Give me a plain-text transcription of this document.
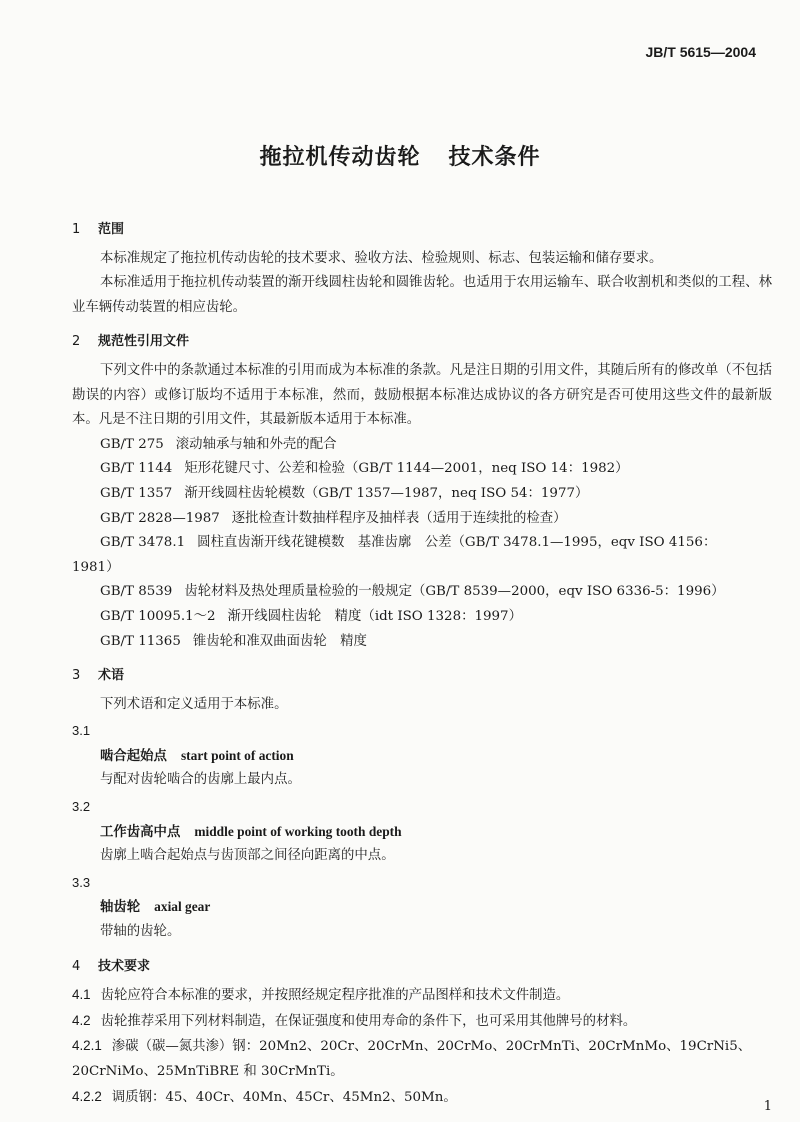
JB/T 5615—2004
拖拉机传动齿轮 技术条件
1 范围

本标准规定了拖拉机传动齿轮的技术要求、验收方法、检验规则、标志、包装运输和储存要求。

本标准适用于拖拉机传动装置的渐开线圆柱齿轮和圆锥齿轮。也适用于农用运输车、联合收割机和类似的工程、林业车辆传动装置的相应齿轮。

2 规范性引用文件

下列文件中的条款通过本标准的引用而成为本标准的条款。凡是注日期的引用文件，其随后所有的修改单（不包括勘误的内容）或修订版均不适用于本标准，然而，鼓励根据本标准达成协议的各方研究是否可使用这些文件的最新版本。凡是不注日期的引用文件，其最新版本适用于本标准。

GB/T 275 滚动轴承与轴和外壳的配合

GB/T 1144 矩形花键尺寸、公差和检验（GB/T 1144—2001，neq ISO 14：1982）

GB/T 1357 渐开线圆柱齿轮模数（GB/T 1357—1987，neq ISO 54：1977）

GB/T 2828—1987 逐批检查计数抽样程序及抽样表（适用于连续批的检查）

GB/T 3478.1 圆柱直齿渐开线花键模数　基准齿廓　公差（GB/T 3478.1—1995，eqv ISO 4156：

1981）

GB/T 8539 齿轮材料及热处理质量检验的一般规定（GB/T 8539—2000，eqv ISO 6336-5：1996）

GB/T 10095.1～2 渐开线圆柱齿轮　精度（idt ISO 1328：1997）

GB/T 11365 锥齿轮和准双曲面齿轮　精度

3 术语

下列术语和定义适用于本标准。

3.1

啮合起始点 start point of action

与配对齿轮啮合的齿廓上最内点。

3.2

工作齿高中点 middle point of working tooth depth

齿廓上啮合起始点与齿顶部之间径向距离的中点。

3.3

轴齿轮 axial gear

带轴的齿轮。

4 技术要求

4.1 齿轮应符合本标准的要求，并按照经规定程序批准的产品图样和技术文件制造。

4.2 齿轮推荐采用下列材料制造，在保证强度和使用寿命的条件下，也可采用其他牌号的材料。

4.2.1 渗碳（碳—氮共渗）钢：20Mn2、20Cr、20CrMn、20CrMo、20CrMnTi、20CrMnMo、19CrNi5、

20CrNiMo、25MnTiBRE 和 30CrMnTi。

4.2.2 调质钢：45、40Cr、40Mn、45Cr、45Mn2、50Mn。

1
